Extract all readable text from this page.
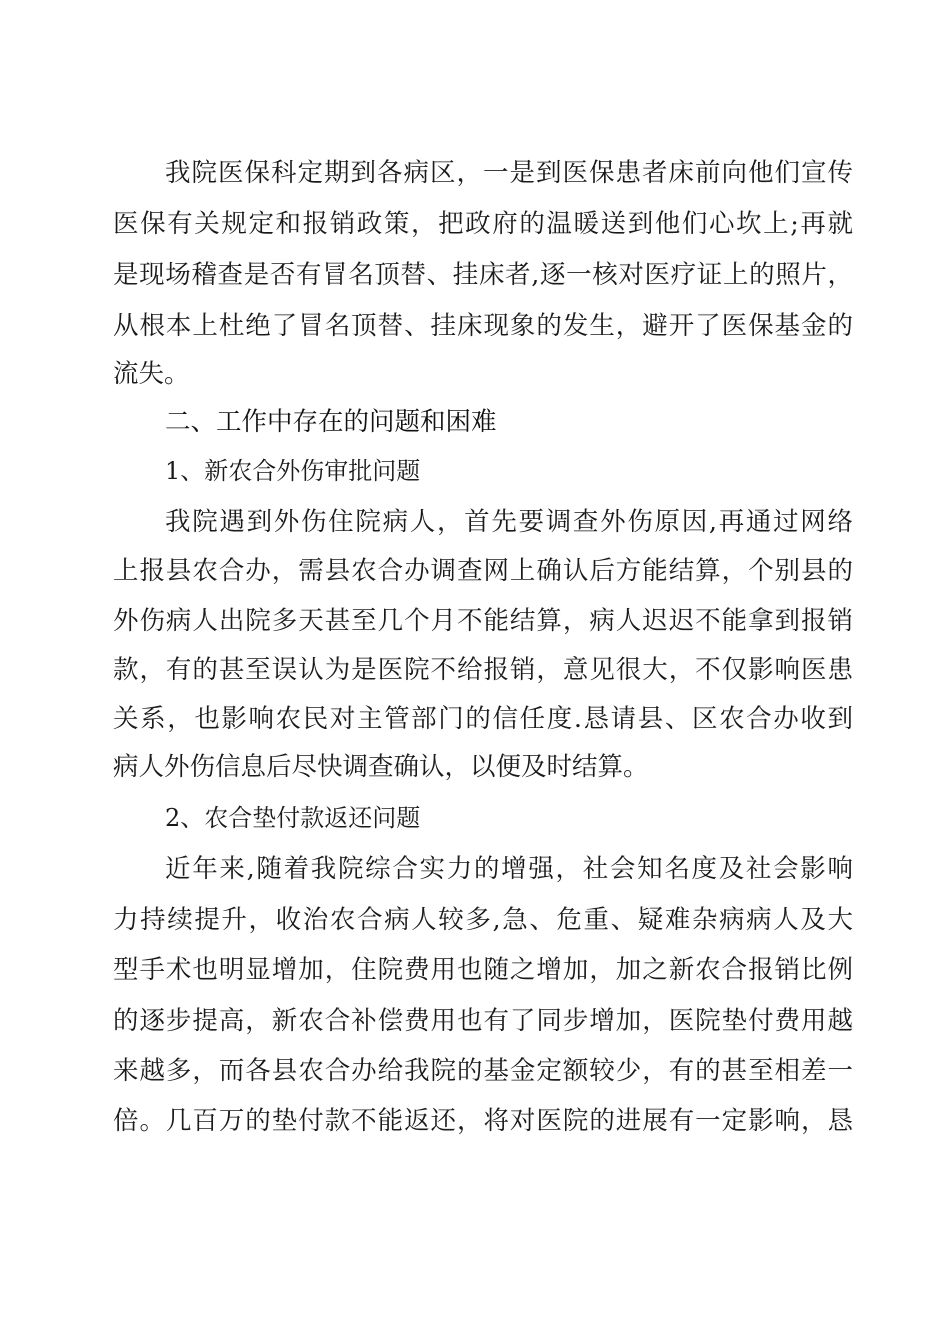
我院医保科定期到各病区，一是到医保患者床前向他们宣传
医保有关规定和报销政策，把政府的温暖送到他们心坎上;再就
是现场稽查是否有冒名顶替、挂床者,逐一核对医疗证上的照片，
从根本上杜绝了冒名顶替、挂床现象的发生，避开了医保基金的
流失。
二、工作中存在的问题和困难
1、新农合外伤审批问题
我院遇到外伤住院病人，首先要调查外伤原因,再通过网络
上报县农合办，需县农合办调查网上确认后方能结算，个别县的
外伤病人出院多天甚至几个月不能结算，病人迟迟不能拿到报销
款，有的甚至误认为是医院不给报销，意见很大，不仅影响医患
关系，也影响农民对主管部门的信任度.恳请县、区农合办收到
病人外伤信息后尽快调查确认，以便及时结算。
2、农合垫付款返还问题
近年来,随着我院综合实力的增强，社会知名度及社会影响
力持续提升，收治农合病人较多,急、危重、疑难杂病病人及大
型手术也明显增加，住院费用也随之增加，加之新农合报销比例
的逐步提高，新农合补偿费用也有了同步增加，医院垫付费用越
来越多，而各县农合办给我院的基金定额较少，有的甚至相差一
倍。几百万的垫付款不能返还，将对医院的进展有一定影响，恳
